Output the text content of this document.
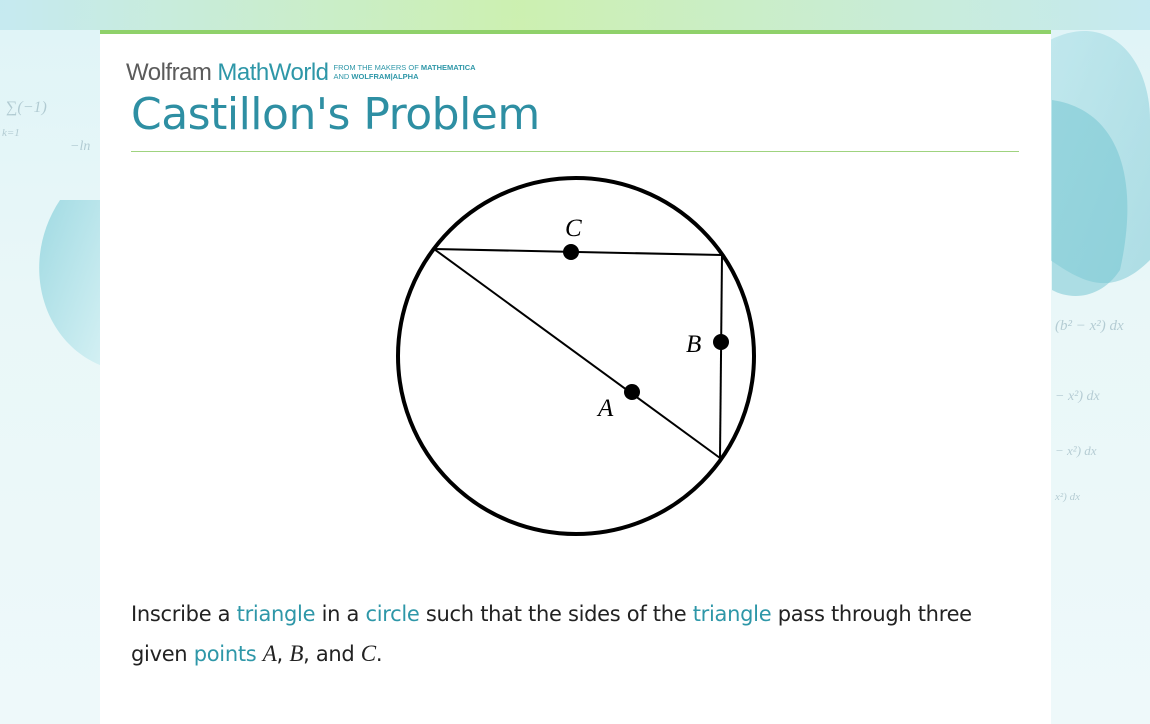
∑(−1)
k=1
−ln
(b² − x²) dx
− x²) dx
− x²) dx
x²) dx
Wolfram MathWorld FROM THE MAKERS OF MATHEMATICA
AND WOLFRAM|ALPHA
Castillon's Problem
C
B
A

Inscribe a triangle in a circle such that the sides of the triangle pass through three given points A, B, and C.
